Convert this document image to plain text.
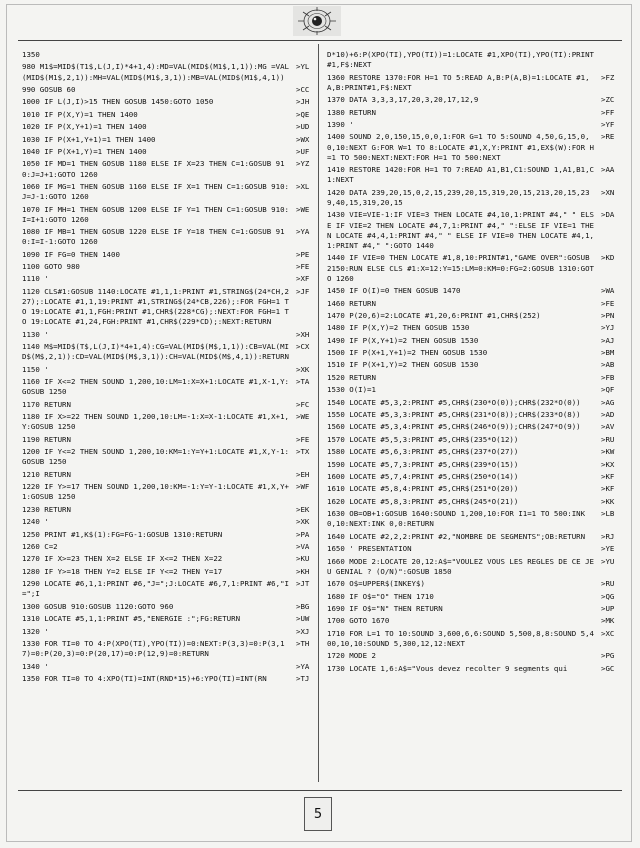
1350
980 M1$=MID$(T1$,L(J,I)*4+1,4):MD=VAL(MID$(M1$,1,1)):MG =VAL(MID$(M1$,2,1)):MH=VAL(MID$(M1$,3,1)):MB=VAL(MID$(M1$,4,1))
>YL
990 GOSUB 60	>CC
1000 IF L(J,I)>15 THEN GOSUB 1450:GOTO 1050	>JH
1010 IF P(X,Y)=1 THEN 1400	>QE
1020 IF P(X,Y+1)=1 THEN 1400	>UD
1030 IF P(X+1,Y+1)=1 THEN 1400	>WX
1040 IF P(X+1,Y)=1 THEN 1400	>UF
1050 IF MD=1 THEN GOSUB 1180 ELSE IF X=23 THEN C=1:GOSUB 910:J=J+1:GOTO 1260
>YZ
1060 IF MG=1 THEN GOSUB 1160 ELSE IF X=1 THEN C=1:GOSUB 910:J=J-1:GOTO 1260
>XL
1070 IF MH=1 THEN GOSUB 1200 ELSE IF Y=1 THEN C=1:GOSUB 910:I=I+1:GOTO 1260
>WE
1080 IF MB=1 THEN GOSUB 1220 ELSE IF Y=18 THEN C=1:GOSUB 910:I=I-1:GOTO 1260
>YA
1090 IF FG=0 THEN 1400	>PE
1100 GOTO 980	>FE
1110 '	>XF
1120 CLS#1:GOSUB 1140:LOCATE #1,1,1:PRINT #1,STRING$(24*CH,227);:LOCATE #1,1,19:PRINT #1,STRING$(24*CB,226);:FOR FGH=1 TO 19:LOCATE #1,1,FGH:PRINT #1,CHR$(228*CG);:NEXT:FOR FGH=1 TO 19:LOCATE #1,24,FGH:PRINT #1,CHR$(229*CD);:NEXT:RETURN
>JF
1130 '	>XH
1140 M$=MID$(T$,L(J,I)*4+1,4):CG=VAL(MID$(M$,1,1)):CB=VAL(MID$(M$,2,1)):CD=VAL(MID$(M$,3,1)):CH=VAL(MID$(M$,4,1)):RETURN
>CX
1150 '	>XK
1160 IF X<=2 THEN SOUND 1,200,10:LM=1:X=X+1:LOCATE #1,X-1,Y:GOSUB 1250
>TA
1170 RETURN	>FC
1180 IF X>=22 THEN SOUND 1,200,10:LM=-1:X=X-1:LOCATE #1,X+1,Y:GOSUB 1250
>WE
1190 RETURN	>FE
1200 IF Y<=2 THEN SOUND 1,200,10:KM=1:Y=Y+1:LOCATE #1,X,Y-1:GOSUB 1250
>TX
1210 RETURN	>EH
1220 IF Y>=17 THEN SOUND 1,200,10:KM=-1:Y=Y-1:LOCATE #1,X,Y+1:GOSUB 1250
>WF
1230 RETURN	>EK
1240 '	>XK
1250 PRINT #1,K$(1):FG=FG-1:GOSUB 1310:RETURN	>PA
1260 C=2	>VA
1270 IF X>=23 THEN X=2 ELSE IF X<=2 THEN X=22	>KU
1280 IF Y>=18 THEN Y=2 ELSE IF Y<=2 THEN Y=17	>KH
1290 LOCATE #6,1,1:PRINT #6,"J=";J:LOCATE #6,7,1:PRINT #6,"I=";I
>JT
1300 GOSUB 910:GOSUB 1120:GOTO 960	>BG
1310 LOCATE #5,1,1:PRINT #5,"ENERGIE :";FG:RETURN	>UW
1320 '	>XJ
1330 FOR TI=0 TO 4:P(XPO(TI),YPO(TI))=0:NEXT:P(3,3)=0:P(3,17)=0:P(20,3)=0:P(20,17)=0:P(12,9)=0:RETURN
>TH
1340 '	>YA
1350 FOR TI=0 TO 4:XPO(TI)=INT(RND*15)+6:YPO(TI)=INT(RN	>TJ
D*10)+6:P(XPO(TI),YPO(TI))=1:LOCATE #1,XPO(TI),YPO(TI):PRINT#1,F$:NEXT
1360 RESTORE 1370:FOR H=1 TO 5:READ A,B:P(A,B)=1:LOCATE #1,A,B:PRINT#1,F$:NEXT
>FZ
1370 DATA 3,3,3,17,20,3,20,17,12,9	>ZC
1380 RETURN	>FF
1390 '	>YF
1400 SOUND 2,0,150,15,0,0,1:FOR G=1 TO 5:SOUND 4,50,G,15,0,0,10:NEXT G:FOR W=1 TO 8:LOCATE #1,X,Y:PRINT #1,EX$(W):FOR H=1 TO 500:NEXT:NEXT:FOR H=1 TO 500:NEXT
>RE
1410 RESTORE 1420:FOR H=1 TO 7:READ A1,B1,C1:SOUND 1,A1,B1,C1:NEXT
>AA
1420 DATA 239,20,15,0,2,15,239,20,15,319,20,15,213,20,15,239,40,15,319,20,15
>XN
1430 VIE=VIE-1:IF VIE=3 THEN LOCATE #4,10,1:PRINT #4," " ELSE IF VIE=2 THEN LOCATE #4,7,1:PRINT #4," ":ELSE IF VIE=1 THEN LOCATE #4,4,1:PRINT #4," " ELSE IF VIE=0 THEN LOCATE #4,1,1:PRINT #4," ":GOTO 1440
>DA
1440 IF VIE=0 THEN LOCATE #1,8,10:PRINT#1,"GAME OVER":GOSUB 2150:RUN ELSE CLS #1:X=12:Y=15:LM=0:KM=0:FG=2:GOSUB 1310:GOTO 1260
>KD
1450 IF O(I)=0 THEN GOSUB 1470	>WA
1460 RETURN	>FE
1470 P(20,6)=2:LOCATE #1,20,6:PRINT #1,CHR$(252)	>PN
1480 IF P(X,Y)=2 THEN GOSUB 1530	>YJ
1490 IF P(X,Y+1)=2 THEN GOSUB 1530	>AJ
1500 IF P(X+1,Y+1)=2 THEN GOSUB 1530	>BM
1510 IF P(X+1,Y)=2 THEN GOSUB 1530	>AB
1520 RETURN	>FB
1530 O(I)=1	>QF
1540 LOCATE #5,3,2:PRINT #5,CHR$(230*O(0));CHR$(232*O(0))	>AG
1550 LOCATE #5,3,3:PRINT #5,CHR$(231*O(8));CHR$(233*O(8))	>AD
1560 LOCATE #5,3,4:PRINT #5,CHR$(246*O(9));CHR$(247*O(9))	>AV
1570 LOCATE #5,5,3:PRINT #5,CHR$(235*O(12))	>RU
1580 LOCATE #5,6,3:PRINT #5,CHR$(237*O(27))	>KW
1590 LOCATE #5,7,3:PRINT #5,CHR$(239*O(15))	>KX
1600 LOCATE #5,7,4:PRINT #5,CHR$(250*O(14))	>KF
1610 LOCATE #5,8,4:PRINT #5,CHR$(251*O(20))	>KF
1620 LOCATE #5,8,3:PRINT #5,CHR$(245*O(21))	>KK
1630 OB=OB+1:GOSUB 1640:SOUND 1,200,10:FOR I1=1 TO 500:INK 0,10:NEXT:INK 0,0:RETURN
>LB
1640 LOCATE #2,2,2:PRINT #2,"NOMBRE DE SEGMENTS";OB:RETURN	>RJ
1650 ' PRESENTATION	>YE
1660 MODE 2:LOCATE 20,12:A$="VOULEZ VOUS LES REGLES DE CE JEU GENIAL ? (O/N)":GOSUB 1850
>YU
1670 O$=UPPER$(INKEY$)	>RU
1680 IF O$="O" THEN 1710	>QG
1690 IF O$="N" THEN RETURN	>UP
1700 GOTO 1670	>MK
1710 FOR L=1 TO 10:SOUND 3,600,6,6:SOUND 5,500,8,8:SOUND 5,400,10,10:SOUND 5,300,12,12:NEXT
>XC
1720 MODE 2	>PG
1730 LOCATE 1,6:A$="Vous devez recolter 9 segments qui	>GC
5
